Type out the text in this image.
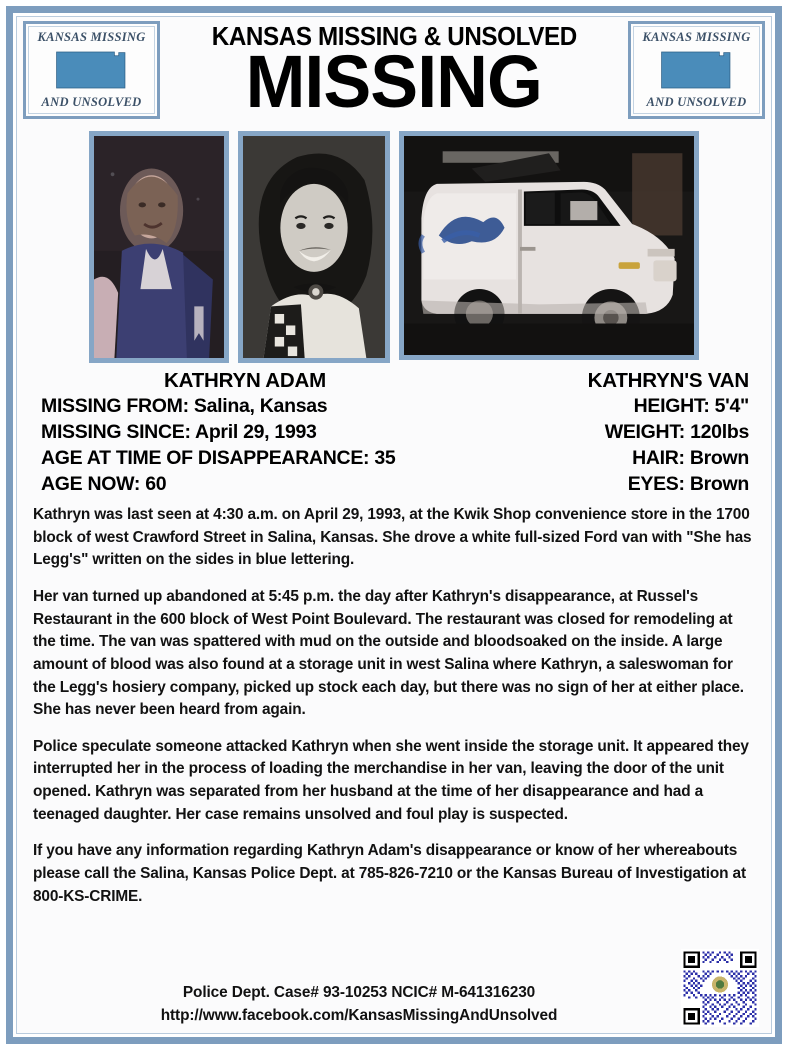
KANSAS MISSING
AND UNSOLVED
KANSAS MISSING & UNSOLVED
MISSING
KANSAS MISSING
AND UNSOLVED
KATHRYN ADAM
MISSING FROM: Salina, Kansas
MISSING SINCE: April 29, 1993
AGE AT TIME OF DISAPPEARANCE: 35
AGE NOW: 60
KATHRYN'S VAN
HEIGHT: 5'4"
WEIGHT: 120lbs
HAIR: Brown
EYES: Brown

Kathryn was last seen at 4:30 a.m. on April 29, 1993, at the Kwik Shop convenience store in the 1700 block of west Crawford Street in Salina, Kansas. She drove a white full-sized Ford van with "She has Legg's" written on the sides in blue lettering.

Her van turned up abandoned at 5:45 p.m. the day after Kathryn's disappearance, at Russel's Restaurant in the 600 block of West Point Boulevard. The restaurant was closed for remodeling at the time. The van was spattered with mud on the outside and bloodsoaked on the inside. A large amount of blood was also found at a storage unit in west Salina where Kathryn, a saleswoman for the Legg's hosiery company, picked up stock each day, but there was no sign of her at either place. She has never been heard from again.

Police speculate someone attacked Kathryn when she went inside the storage unit. It appeared they interrupted her in the process of loading the merchandise in her van, leaving the door of the unit opened. Kathryn was separated from her husband at the time of her disappearance and had a teenaged daughter. Her case remains unsolved and foul play is suspected.

If you have any information regarding Kathryn Adam's disappearance or know of her whereabouts please call the Salina, Kansas Police Dept. at 785-826-7210 or the Kansas Bureau of Investigation at 800-KS-CRIME.

Police Dept. Case# 93-10253 NCIC# M-641316230
http://www.facebook.com/KansasMissingAndUnsolved
